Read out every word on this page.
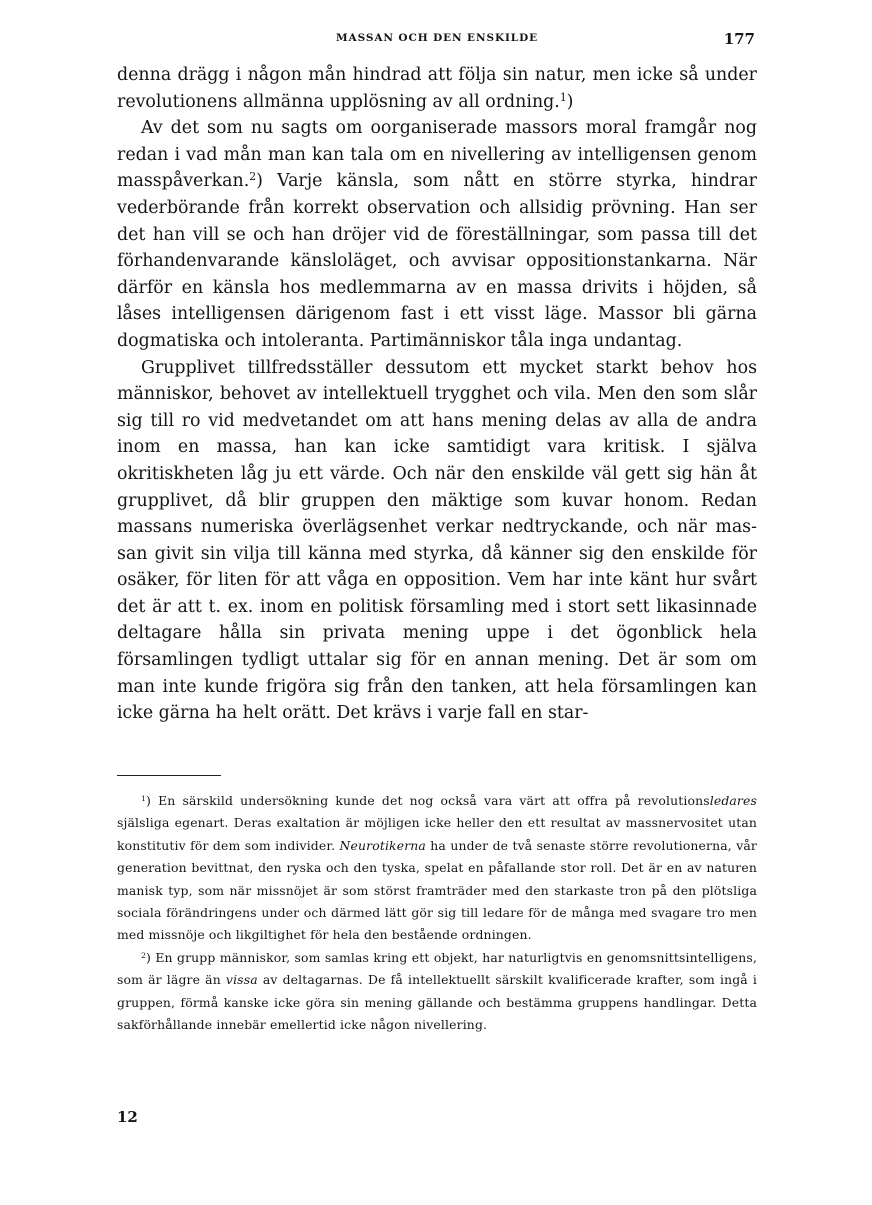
MASSAN OCH DEN ENSKILDE	177

denna drägg i någon mån hindrad att följa sin natur, men icke så under revolutionens allmänna upplösning av all ordning.$^1$)

Av det som nu sagts om oorganiserade massors moral framgår nog redan i vad mån man kan tala om en nivellering av intelligensen genom masspåverkan.$^2$) Varje känsla, som nått en större styrka, hindrar vederbörande från korrekt observation och allsidig prövning. Han ser det han vill se och han dröjer vid de föreställningar, som passa till det förhandenvarande känsloläget, och avvisar oppositionstankarna. När därför en känsla hos medlemmarna av en massa drivits i höjden, så låses intelligensen därigenom fast i ett visst läge. Massor bli gärna dogmatiska och intoleranta. Partimänniskor tåla inga undantag.

Grupplivet tillfredsställer dessutom ett mycket starkt behov hos människor, behovet av intellektuell trygghet och vila. Men den som slår sig till ro vid medvetandet om att hans mening delas av alla de andra inom en massa, han kan icke samtidigt vara kritisk. I själva okritiskheten låg ju ett värde. Och när den enskilde väl gett sig hän åt grupplivet, då blir gruppen den mäktige som kuvar honom. Redan massans numeriska överlägsenhet verkar nedtryckande, och när massan givit sin vilja till känna med styrka, då känner sig den enskilde för osäker, för liten för att våga en opposition. Vem har inte känt hur svårt det är att t. ex. inom en politisk församling med i stort sett likasinnade deltagare hålla sin privata mening uppe i det ögonblick hela församlingen tydligt uttalar sig för en annan mening. Det är som om man inte kunde frigöra sig från den tanken, att hela församlingen kan icke gärna ha helt orätt. Det krävs i varje fall en star-

$^1$) En särskild undersökning kunde det nog också vara värt att offra på revolutionsledares själsliga egenart. Deras exaltation är möjligen icke heller den ett resultat av massnervositet utan konstitutiv för dem som individer. Neurotikerna ha under de två senaste större revolutionerna, vår generation bevittnat, den ryska och den tyska, spelat en påfallande stor roll. Det är en av naturen manisk typ, som när missnöjet är som störst framträder med den starkaste tron på den plötsliga sociala förändringens under och därmed lätt gör sig till ledare för de många med svagare tro men med missnöje och likgiltighet för hela den bestående ordningen.

$^2$) En grupp människor, som samlas kring ett objekt, har naturligtvis en genomsnittsintelligens, som är lägre än vissa av deltagarnas. De få intellektuellt särskilt kvalificerade krafter, som ingå i gruppen, förmå kanske icke göra sin mening gällande och bestämma gruppens handlingar. Detta sakförhållande innebär emellertid icke någon nivellering.

12
